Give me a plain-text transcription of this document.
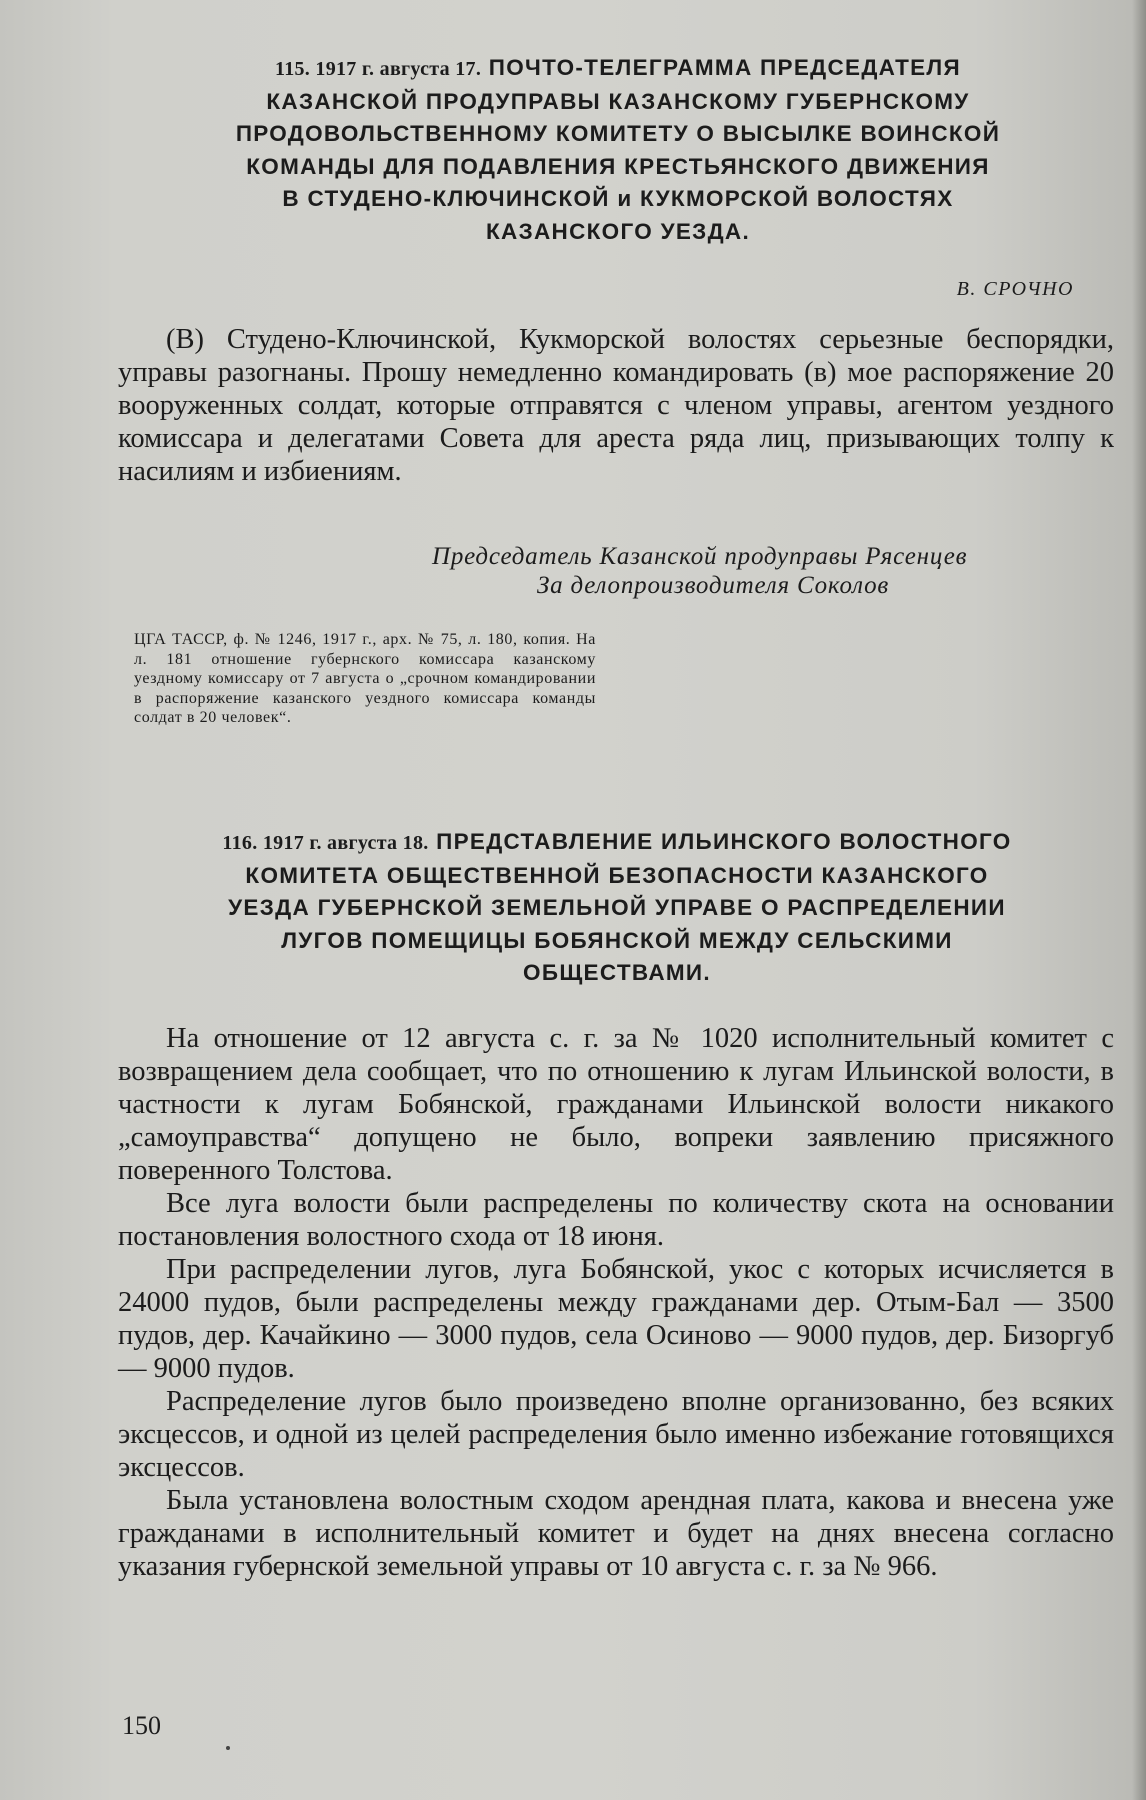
115. 1917 г. августа 17. ПОЧТО-ТЕЛЕГРАММА ПРЕДСЕДАТЕЛЯ
КАЗАНСКОЙ ПРОДУПРАВЫ КАЗАНСКОМУ ГУБЕРНСКОМУ
ПРОДОВОЛЬСТВЕННОМУ КОМИТЕТУ О ВЫСЫЛКЕ ВОИНСКОЙ
КОМАНДЫ ДЛЯ ПОДАВЛЕНИЯ КРЕСТЬЯНСКОГО ДВИЖЕНИЯ
В СТУДЕНО-КЛЮЧИНСКОЙ и КУКМОРСКОЙ ВОЛОСТЯХ
КАЗАНСКОГО УЕЗДА.
В. СРОЧНО

(В) Студено-Ключинской, Кукморской волостях серьезные беспорядки, управы разогнаны. Прошу немедленно командировать (в) мое распоряжение 20 вооруженных солдат, которые отправятся с членом управы, агентом уездного комиссара и делегатами Совета для ареста ряда лиц, призывающих толпу к насилиям и избиениям.

Председатель Казанской продуправы Рясенцев
За делопроизводителя Соколов

ЦГА ТАССР, ф. № 1246, 1917 г., арх. № 75, л. 180, копия. На л. 181 отношение губернского комиссара казанскому уездному комиссару от 7 августа о „срочном командировании в распоряжение казанского уездного комиссара команды солдат в 20 человек“.

116. 1917 г. августа 18. ПРЕДСТАВЛЕНИЕ ИЛЬИНСКОГО ВОЛОСТНОГО
КОМИТЕТА ОБЩЕСТВЕННОЙ БЕЗОПАСНОСТИ КАЗАНСКОГО
УЕЗДА ГУБЕРНСКОЙ ЗЕМЕЛЬНОЙ УПРАВЕ О РАСПРЕДЕЛЕНИИ
ЛУГОВ ПОМЕЩИЦЫ БОБЯНСКОЙ МЕЖДУ СЕЛЬСКИМИ
ОБЩЕСТВАМИ.

На отношение от 12 августа с. г. за № 1020 исполнительный комитет с возвращением дела сообщает, что по отношению к лугам Ильинской волости, в частности к лугам Бобянской, гражданами Ильинской волости никакого „самоуправства“ допущено не было, вопреки заявлению присяжного поверенного Толстова.

Все луга волости были распределены по количеству скота на основании постановления волостного схода от 18 июня.

При распределении лугов, луга Бобянской, укос с которых исчисляется в 24000 пудов, были распределены между гражданами дер. Отым-Бал — 3500 пудов, дер. Качайкино — 3000 пудов, села Осиново — 9000 пудов, дер. Бизоргуб — 9000 пудов.

Распределение лугов было произведено вполне организованно, без всяких эксцессов, и одной из целей распределения было именно избежание готовящихся эксцессов.

Была установлена волостным сходом арендная плата, какова и внесена уже гражданами в исполнительный комитет и будет на днях внесена согласно указания губернской земельной управы от 10 августа с. г. за № 966.

150
